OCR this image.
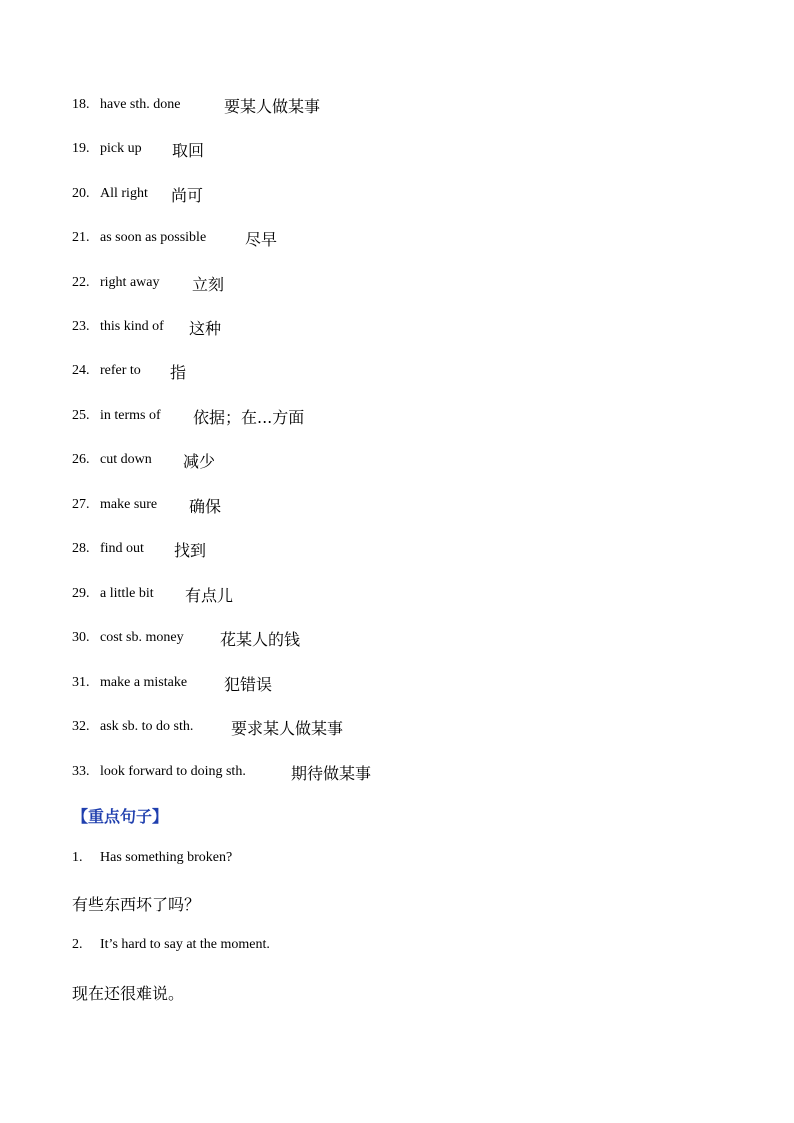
18. have sth. done	要某人做某事
19. pick up	取回
20. All right	尚可
21. as soon as possible	尽早
22. right away	立刻
23. this kind of	这种
24. refer to	指
25. in terms of	依据；在...方面
26. cut down	减少
27. make sure	确保
28. find out	找到
29. a little bit	有点儿
30. cost sb. money	花某人的钱
31. make a mistake	犯错误
32. ask sb. to do sth.	要求某人做某事
33. look forward to doing sth.	期待做某事
【重点句子】
1. Has something broken?
有些东西坏了吗？
2. It’s hard to say at the moment.
现在还很难说。
